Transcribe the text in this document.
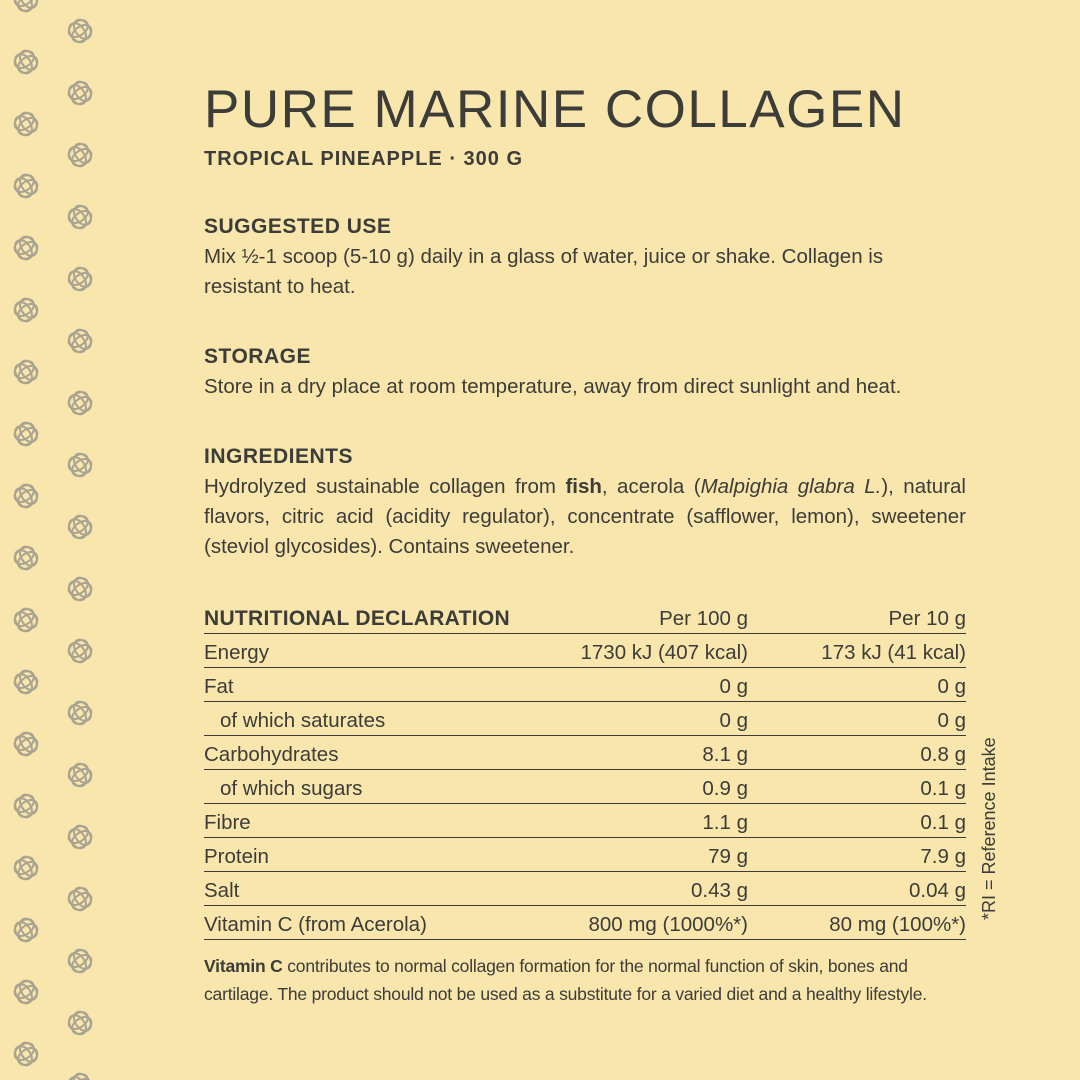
PURE MARINE COLLAGEN
TROPICAL PINEAPPLE · 300 G
SUGGESTED USE
Mix ½-1 scoop (5-10 g) daily in a glass of water, juice or shake. Collagen is resistant to heat.
STORAGE
Store in a dry place at room temperature, away from direct sunlight and heat.
INGREDIENTS
Hydrolyzed sustainable collagen from fish, acerola (Malpighia glabra L.), natural flavors, citric acid (acidity regulator), concentrate (safflower, lemon), sweetener (steviol glycosides). Contains sweetener.
NUTRITIONAL DECLARATION	Per 100 g	Per 10 g
Energy	1730 kJ (407 kcal)	173 kJ (41 kcal)
Fat	0 g	0 g
of which saturates	0 g	0 g
Carbohydrates	8.1 g	0.8 g
of which sugars	0.9 g	0.1 g
Fibre	1.1 g	0.1 g
Protein	79 g	7.9 g
Salt	0.43 g	0.04 g
Vitamin C (from Acerola)	800 mg (1000%*)	80 mg (100%*)
*RI = Reference Intake
Vitamin C contributes to normal collagen formation for the normal function of skin, bones and cartilage. The product should not be used as a substitute for a varied diet and a healthy lifestyle.
